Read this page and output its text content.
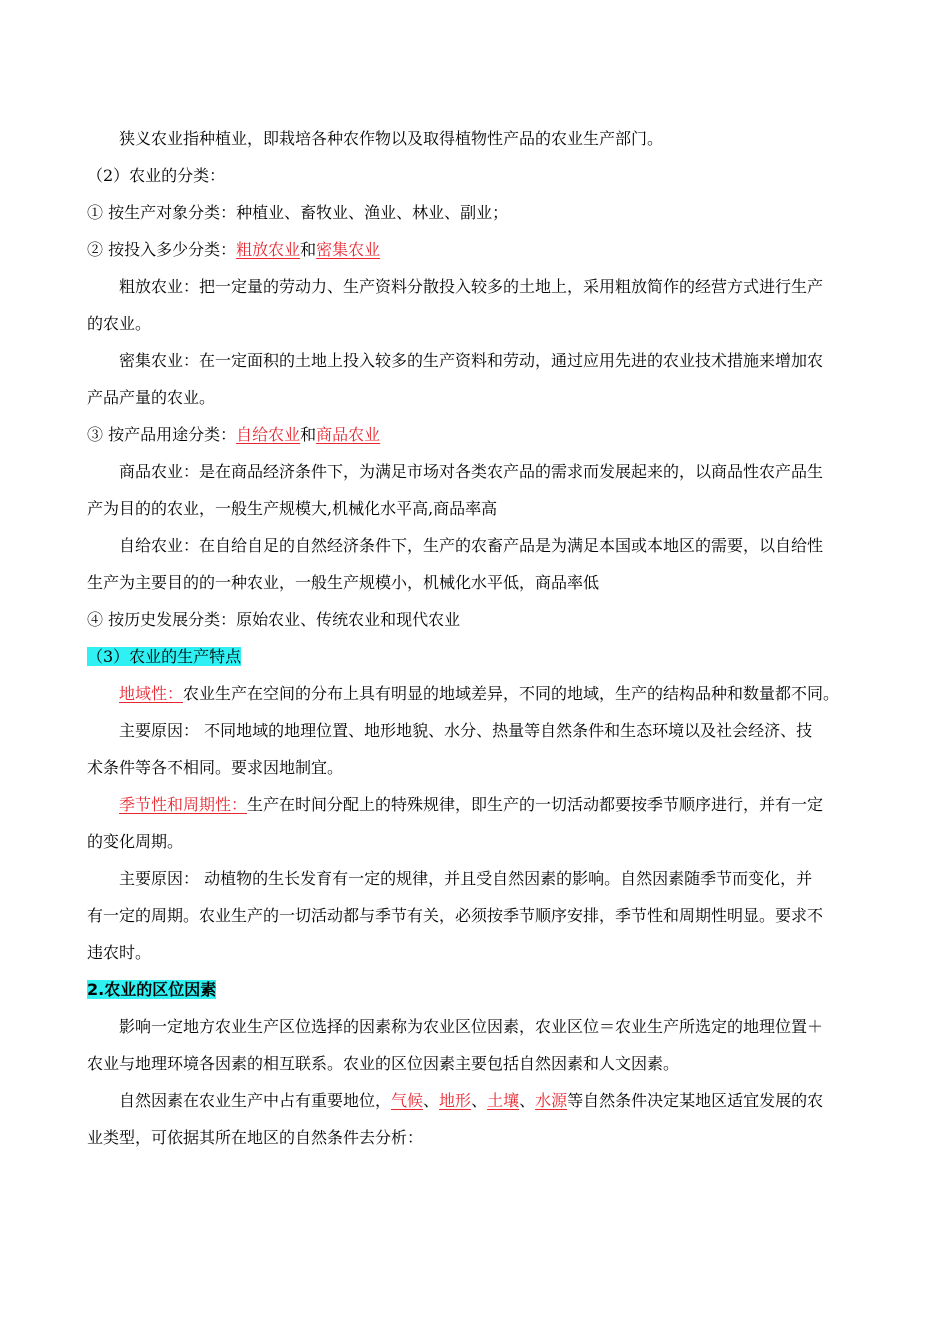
狭义农业指种植业，即栽培各种农作物以及取得植物性产品的农业生产部门。
（2）农业的分类：
① 按生产对象分类：种植业、畜牧业、渔业、林业、副业；
② 按投入多少分类：粗放农业和密集农业
粗放农业：把一定量的劳动力、生产资料分散投入较多的土地上，采用粗放简作的经营方式进行生产
的农业。
密集农业：在一定面积的土地上投入较多的生产资料和劳动，通过应用先进的农业技术措施来增加农
产品产量的农业。
③ 按产品用途分类：自给农业和商品农业
商品农业：是在商品经济条件下，为满足市场对各类农产品的需求而发展起来的，以商品性农产品生
产为目的的农业，一般生产规模大,机械化水平高,商品率高
自给农业：在自给自足的自然经济条件下，生产的农畜产品是为满足本国或本地区的需要，以自给性
生产为主要目的的一种农业，一般生产规模小，机械化水平低，商品率低
④ 按历史发展分类：原始农业、传统农业和现代农业
（3）农业的生产特点
地域性：农业生产在空间的分布上具有明显的地域差异，不同的地域，生产的结构品种和数量都不同。
主要原因： 不同地域的地理位置、地形地貌、水分、热量等自然条件和生态环境以及社会经济、技
术条件等各不相同。要求因地制宜。
季节性和周期性：生产在时间分配上的特殊规律，即生产的一切活动都要按季节顺序进行，并有一定
的变化周期。
主要原因： 动植物的生长发育有一定的规律，并且受自然因素的影响。自然因素随季节而变化，并
有一定的周期。农业生产的一切活动都与季节有关，必须按季节顺序安排，季节性和周期性明显。要求不
违农时。
2.农业的区位因素
影响一定地方农业生产区位选择的因素称为农业区位因素，农业区位＝农业生产所选定的地理位置＋
农业与地理环境各因素的相互联系。农业的区位因素主要包括自然因素和人文因素。
自然因素在农业生产中占有重要地位，气候、地形、土壤、水源等自然条件决定某地区适宜发展的农
业类型，可依据其所在地区的自然条件去分析：
